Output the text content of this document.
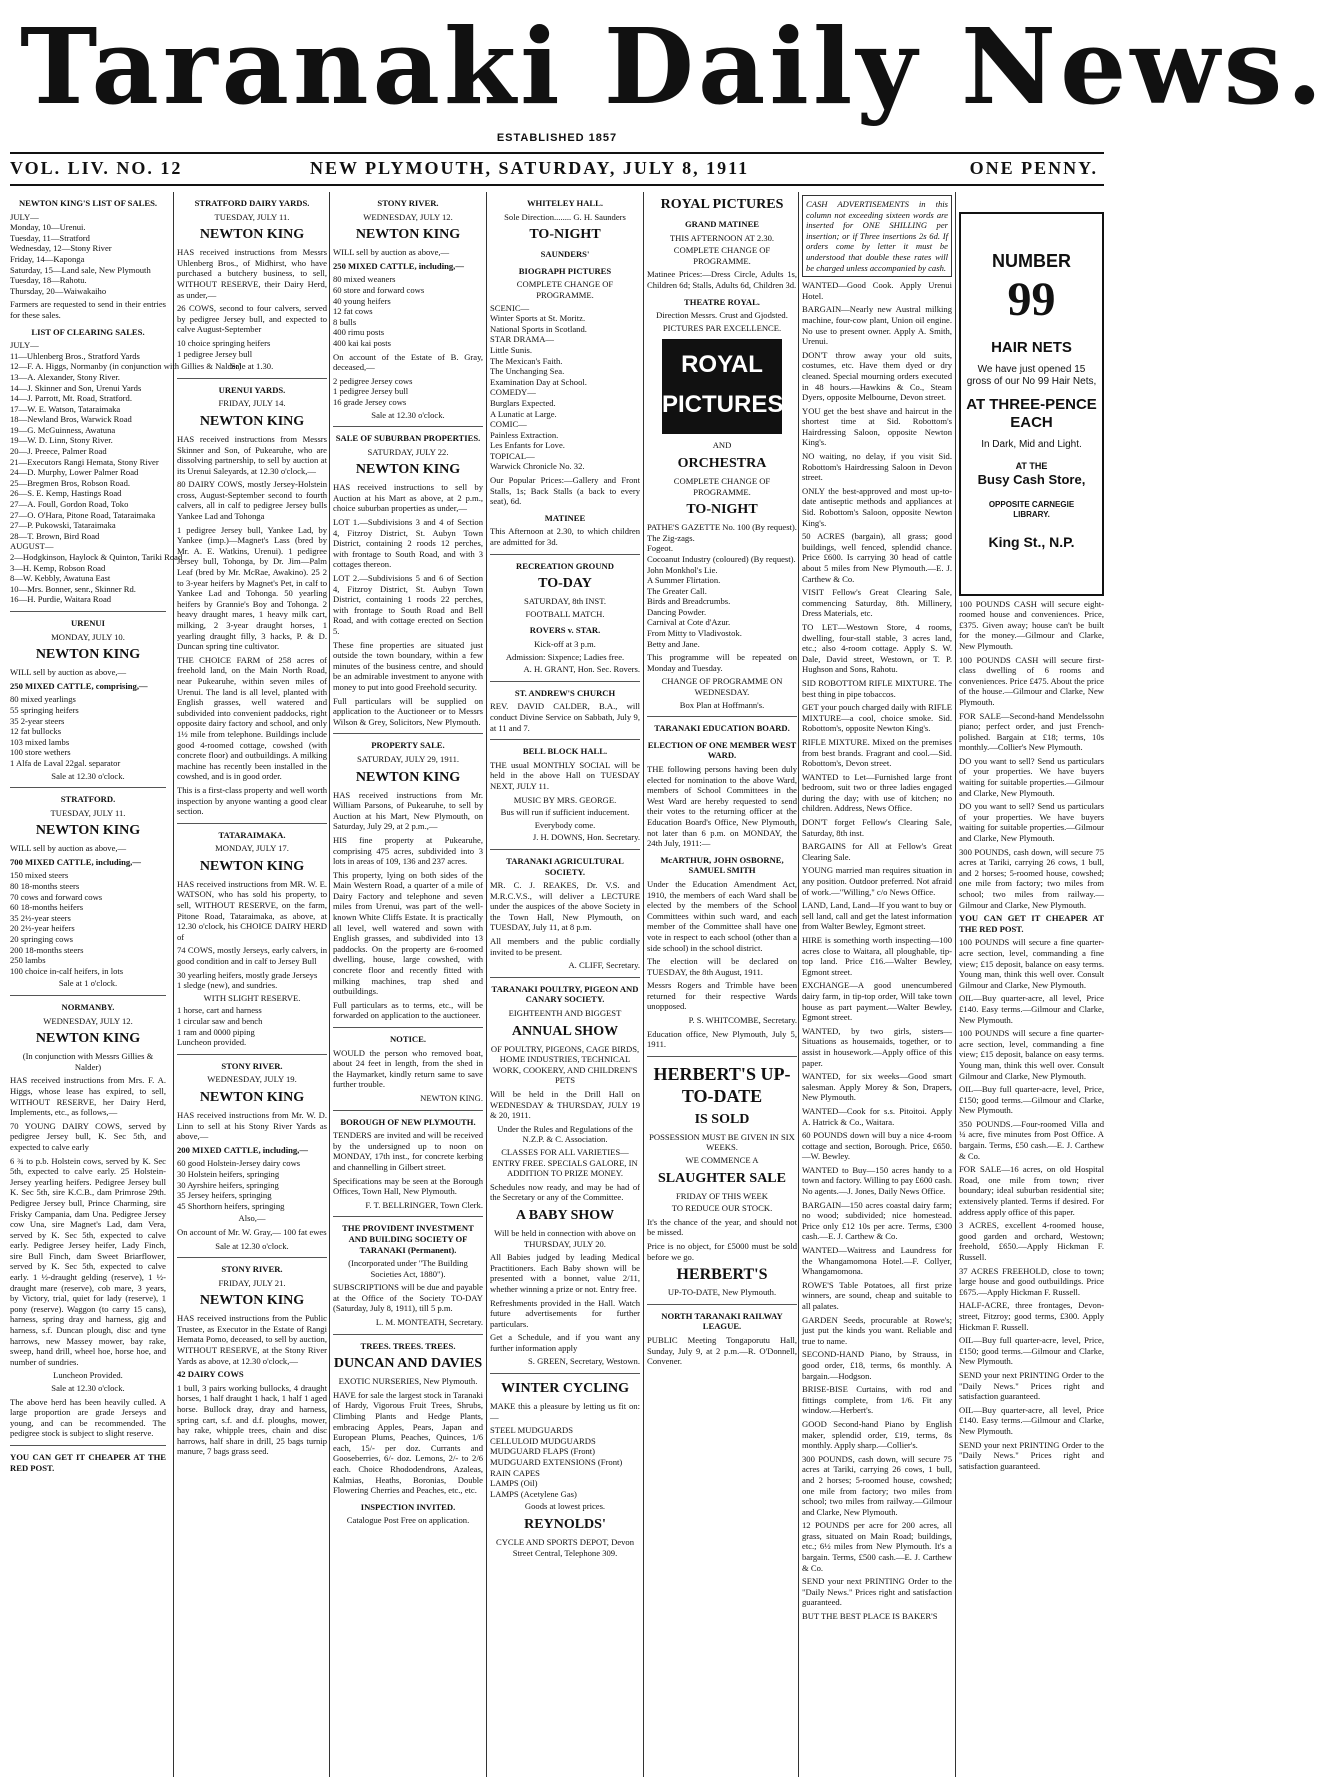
Taranaki Daily News.
ESTABLISHED 1857
VOL. LIV. NO. 12	NEW PLYMOUTH, SATURDAY, JULY 8, 1911	ONE PENNY.
NEWTON KING'S LIST OF SALES.
JULY—
Monday, 10—Urenui.
Tuesday, 11—Stratford
Wednesday, 12—Stony River
Friday, 14—Kaponga
Saturday, 15—Land sale, New Plymouth
Tuesday, 18—Rahotu.
Thursday, 20—Waiwakaiho
Farmers are requested to send in their entries for these sales.
LIST OF CLEARING SALES.
JULY—
11—Uhlenberg Bros., Stratford Yards
12—F. A. Higgs, Normanby (in conjunction with Gillies & Nalder)
13—A. Alexander, Stony River.
14—J. Skinner and Son, Urenui Yards
14—J. Parrott, Mt. Road, Stratford.
17—W. E. Watson, Tataraimaka
18—Newland Bros, Warwick Road
19—G. McGuinness, Awatuna
19—W. D. Linn, Stony River.
20—J. Preece, Palmer Road
21—Executors Rangi Hemata, Stony River
24—D. Murphy, Lower Palmer Road
25—Bregmen Bros, Robson Road.
26—S. E. Kemp, Hastings Road
27—A. Foull, Gordon Road, Toko
27—O. O'Hara, Pitone Road, Tataraimaka
27—P. Pukowski, Tataraimaka
28—T. Brown, Bird Road
AUGUST—
2—Hodgkinson, Haylock & Quinton, Tariki Road
3—H. Kemp, Robson Road
8—W. Kebbly, Awatuna East
10—Mrs. Bonner, senr., Skinner Rd.
16—H. Purdie, Waitara Road
URENUI
MONDAY, JULY 10.
NEWTON KING
WILL sell by auction as above,—
250 MIXED CATTLE, comprising,—
80 mixed yearlings
55 springing heifers
35 2-year steers
12 fat bullocks
103 mixed lambs
100 store wethers
1 Alfa de Laval 22gal. separator
Sale at 12.30 o'clock.
STRATFORD.
TUESDAY, JULY 11.
NEWTON KING
WILL sell by auction as above,—
700 MIXED CATTLE, including,—
150 mixed steers
80 18-months steers
70 cows and forward cows
60 18-months heifers
35 2½-year steers
20 2½-year heifers
20 springing cows
200 18-months steers
250 lambs
100 choice in-calf heifers, in lots
Sale at 1 o'clock.
NORMANBY.
WEDNESDAY, JULY 12.
NEWTON KING
(In conjunction with Messrs Gillies & Nalder)
HAS received instructions from Mrs. F. A. Higgs, whose lease has expired, to sell, WITHOUT RESERVE, her Dairy Herd, Implements, etc., as follows,—
70 YOUNG DAIRY COWS, served by pedigree Jersey bull, K. Sec 5th, and expected to calve early
6 ¾ to p.b. Holstein cows, served by K. Sec 5th, expected to calve early. 25 Holstein-Jersey yearling heifers. Pedigree Jersey bull K. Sec 5th, sire K.C.B., dam Primrose 29th. Pedigree Jersey bull, Prince Charming, sire Frisky Campania, dam Una. Pedigree Jersey cow Una, sire Magnet's Lad, dam Vera, served by K. Sec 5th, expected to calve early. Pedigree Jersey heifer, Lady Finch, sire Bull Finch, dam Sweet Briarflower, served by K. Sec 5th, expected to calve early. 1 ½-draught gelding (reserve), 1 ½-draught mare (reserve), cob mare, 3 years, by Victory, trial, quiet for lady (reserve), 1 pony (reserve). Waggon (to carry 15 cans), harness, spring dray and harness, gig and harness, s.f. Duncan plough, disc and tyne harrows, new Massey mower, bay rake, sweep, hand drill, wheel hoe, horse hoe, and number of sundries.
Luncheon Provided.
Sale at 12.30 o'clock.
The above herd has been heavily culled. A large proportion are grade Jerseys and young, and can be recommended. The pedigree stock is subject to slight reserve.
YOU CAN GET IT CHEAPER AT THE RED POST.
STRATFORD DAIRY YARDS.
TUESDAY, JULY 11.
NEWTON KING
HAS received instructions from Messrs Uhlenberg Bros., of Midhirst, who have purchased a butchery business, to sell, WITHOUT RESERVE, their Dairy Herd, as under,—
26 COWS, second to four calvers, served by pedigree Jersey bull, and expected to calve August-September
10 choice springing heifers
1 pedigree Jersey bull
Sale at 1.30.
URENUI YARDS.
FRIDAY, JULY 14.
NEWTON KING
HAS received instructions from Messrs Skinner and Son, of Pukearuhe, who are dissolving partnership, to sell by auction at its Urenui Saleyards, at 12.30 o'clock,—
80 DAIRY COWS, mostly Jersey-Holstein cross, August-September second to fourth calvers, all in calf to pedigree Jersey bulls Yankee Lad and Tohonga
1 pedigree Jersey bull, Yankee Lad, by Yankee (imp.)—Magnet's Lass (bred by Mr. A. E. Watkins, Urenui). 1 pedigree Jersey bull, Tohonga, by Dr. Jim—Palm Leaf (bred by Mr. McRae, Awakino). 25 2 to 3-year heifers by Magnet's Pet, in calf to Yankee Lad and Tohonga. 50 yearling heifers by Grannie's Boy and Tohonga. 2 heavy draught mares, 1 heavy milk cart, milking, 2 3-year draught horses, 1 yearling draught filly, 3 hacks, P. & D. Duncan spring tine cultivator.
THE CHOICE FARM of 258 acres of freehold land, on the Main North Road, near Pukearuhe, within seven miles of Urenui. The land is all level, planted with English grasses, well watered and subdivided into convenient paddocks, right opposite dairy factory and school, and only 1½ mile from telephone. Buildings include good 4-roomed cottage, cowshed (with concrete floor) and outbuildings. A milking machine has recently been installed in the cowshed, and is in good order.
This is a first-class property and well worth inspection by anyone wanting a good clear section.
TATARAIMAKA.
MONDAY, JULY 17.
NEWTON KING
HAS received instructions from MR. W. E. WATSON, who has sold his property, to sell, WITHOUT RESERVE, on the farm, Pitone Road, Tataraimaka, as above, at 12.30 o'clock, his CHOICE DAIRY HERD of
74 COWS, mostly Jerseys, early calvers, in good condition and in calf to Jersey Bull
30 yearling heifers, mostly grade Jerseys
1 sledge (new), and sundries.
WITH SLIGHT RESERVE.
1 horse, cart and harness
1 circular saw and bench
1 ram and 0000 piping
Luncheon provided.
STONY RIVER.
WEDNESDAY, JULY 19.
NEWTON KING
HAS received instructions from Mr. W. D. Linn to sell at his Stony River Yards as above,—
200 MIXED CATTLE, including,—
60 good Holstein-Jersey dairy cows
30 Holstein heifers, springing
30 Ayrshire heifers, springing
35 Jersey heifers, springing
45 Shorthorn heifers, springing
Also,—
On account of Mr. W. Gray,— 100 fat ewes
Sale at 12.30 o'clock.
STONY RIVER.
FRIDAY, JULY 21.
NEWTON KING
HAS received instructions from the Public Trustee, as Executor in the Estate of Rangi Hemata Pomo, deceased, to sell by auction, WITHOUT RESERVE, at the Stony River Yards as above, at 12.30 o'clock,—
42 DAIRY COWS
1 bull, 3 pairs working bullocks, 4 draught horses, 1 half draught 1 hack, 1 half 1 aged horse. Bullock dray, dray and harness, spring cart, s.f. and d.f. ploughs, mower, hay rake, whipple trees, chain and disc harrows, half share in drill, 25 bags turnip manure, 7 bags grass seed.
STONY RIVER.
WEDNESDAY, JULY 12.
NEWTON KING
WILL sell by auction as above,—
250 MIXED CATTLE, including,—
80 mixed weaners
60 store and forward cows
40 young heifers
12 fat cows
8 bulls
400 rimu posts
400 kai kai posts
On account of the Estate of B. Gray, deceased,—
2 pedigree Jersey cows
1 pedigree Jersey bull
16 grade Jersey cows
Sale at 12.30 o'clock.
SALE OF SUBURBAN PROPERTIES.
SATURDAY, JULY 22.
NEWTON KING
HAS received instructions to sell by Auction at his Mart as above, at 2 p.m., choice suburban properties as under,—
LOT 1.—Subdivisions 3 and 4 of Section 4, Fitzroy District, St. Aubyn Town District, containing 2 roods 12 perches, with frontage to South Road, and with 3 cottages thereon.
LOT 2.—Subdivisions 5 and 6 of Section 4, Fitzroy District, St. Aubyn Town District, containing 1 roods 22 perches, with frontage to South Road and Bell Road, and with cottage erected on Section 5.
These fine properties are situated just outside the town boundary, within a few minutes of the business centre, and should be an admirable investment to anyone with money to put into good Freehold security.
Full particulars will be supplied on application to the Auctioneer or to Messrs Wilson & Grey, Solicitors, New Plymouth.
PROPERTY SALE.
SATURDAY, JULY 29, 1911.
NEWTON KING
HAS received instructions from Mr. William Parsons, of Pukearuhe, to sell by Auction at his Mart, New Plymouth, on Saturday, July 29, at 2 p.m.,—
HIS fine property at Pukearuhe, comprising 475 acres, subdivided into 3 lots in areas of 109, 136 and 237 acres.
This property, lying on both sides of the Main Western Road, a quarter of a mile of Dairy Factory and telephone and seven miles from Urenui, was part of the well-known White Cliffs Estate. It is practically all level, well watered and sown with English grasses, and subdivided into 13 paddocks. On the property are 6-roomed dwelling, house, large cowshed, with concrete floor and recently fitted with milking machines, trap shed and outbuildings.
Full particulars as to terms, etc., will be forwarded on application to the auctioneer.
NOTICE.
WOULD the person who removed boat, about 24 feet in length, from the shed in the Haymarket, kindly return same to save further trouble.
NEWTON KING.
BOROUGH OF NEW PLYMOUTH.
TENDERS are invited and will be received by the undersigned up to noon on MONDAY, 17th inst., for concrete kerbing and channelling in Gilbert street.
Specifications may be seen at the Borough Offices, Town Hall, New Plymouth.
F. T. BELLRINGER, Town Clerk.
THE PROVIDENT INVESTMENT AND BUILDING SOCIETY OF TARANAKI (Permanent).
(Incorporated under "The Building Societies Act, 1880").
SUBSCRIPTIONS will be due and payable at the Office of the Society TO-DAY (Saturday, July 8, 1911), till 5 p.m.
L. M. MONTEATH, Secretary.
TREES. TREES. TREES.
DUNCAN AND DAVIES
EXOTIC NURSERIES, New Plymouth.
HAVE for sale the largest stock in Taranaki of Hardy, Vigorous Fruit Trees, Shrubs, Climbing Plants and Hedge Plants, embracing Apples, Pears, Japan and European Plums, Peaches, Quinces, 1/6 each, 15/- per doz. Currants and Gooseberries, 6/- doz. Lemons, 2/- to 2/6 each. Choice Rhododendrons, Azaleas, Kalmias, Heaths, Boronias, Double Flowering Cherries and Peaches, etc., etc.
INSPECTION INVITED.
Catalogue Post Free on application.
WHITELEY HALL.
Sole Direction........ G. H. Saunders
TO-NIGHT
SAUNDERS'
BIOGRAPH PICTURES
COMPLETE CHANGE OF PROGRAMME.
SCENIC—
Winter Sports at St. Moritz.
National Sports in Scotland.
STAR DRAMA—
Little Sunis.
The Mexican's Faith.
The Unchanging Sea.
Examination Day at School.
COMEDY—
Burglars Expected.
A Lunatic at Large.
COMIC—
Painless Extraction.
Les Enfants for Love.
TOPICAL—
Warwick Chronicle No. 32.
Our Popular Prices:—Gallery and Front Stalls, 1s; Back Stalls (a back to every seat), 6d.
MATINEE
This Afternoon at 2.30, to which children are admitted for 3d.
RECREATION GROUND
TO-DAY
SATURDAY, 8th INST.
FOOTBALL MATCH.
ROVERS v. STAR.
Kick-off at 3 p.m.
Admission: Sixpence; Ladies free.
A. H. GRANT, Hon. Sec. Rovers.
ST. ANDREW'S CHURCH
REV. DAVID CALDER, B.A., will conduct Divine Service on Sabbath, July 9, at 11 and 7.
BELL BLOCK HALL.
THE usual MONTHLY SOCIAL will be held in the above Hall on TUESDAY NEXT, JULY 11.
MUSIC BY MRS. GEORGE.
Bus will run if sufficient inducement.
Everybody come.
J. H. DOWNS, Hon. Secretary.
TARANAKI AGRICULTURAL SOCIETY.
MR. C. J. REAKES, Dr. V.S. and M.R.C.V.S., will deliver a LECTURE under the auspices of the above Society in the Town Hall, New Plymouth, on TUESDAY, July 11, at 8 p.m.
All members and the public cordially invited to be present.
A. CLIFF, Secretary.
TARANAKI POULTRY, PIGEON AND CANARY SOCIETY.
EIGHTEENTH AND BIGGEST
ANNUAL SHOW
OF POULTRY, PIGEONS, CAGE BIRDS, HOME INDUSTRIES, TECHNICAL WORK, COOKERY, AND CHILDREN'S PETS
Will be held in the Drill Hall on WEDNESDAY & THURSDAY, JULY 19 & 20, 1911.
Under the Rules and Regulations of the N.Z.P. & C. Association.
CLASSES FOR ALL VARIETIES—ENTRY FREE. SPECIALS GALORE, IN ADDITION TO PRIZE MONEY.
Schedules now ready, and may be had of the Secretary or any of the Committee.
A BABY SHOW
Will be held in connection with above on THURSDAY, JULY 20.
All Babies judged by leading Medical Practitioners. Each Baby shown will be presented with a bonnet, value 2/11, whether winning a prize or not. Entry free.
Refreshments provided in the Hall. Watch future advertisements for further particulars.
Get a Schedule, and if you want any further information apply
S. GREEN, Secretary, Westown.
WINTER CYCLING
MAKE this a pleasure by letting us fit on:—
STEEL MUDGUARDS
CELLULOID MUDGUARDS
MUDGUARD FLAPS (Front)
MUDGUARD EXTENSIONS (Front)
RAIN CAPES
LAMPS (Oil)
LAMPS (Acetylene Gas)
Goods at lowest prices.
REYNOLDS'
CYCLE AND SPORTS DEPOT, Devon Street Central, Telephone 309.
ROYAL PICTURES
GRAND MATINEE
THIS AFTERNOON AT 2.30.
COMPLETE CHANGE OF PROGRAMME.
Matinee Prices:—Dress Circle, Adults 1s, Children 6d; Stalls, Adults 6d, Children 3d.
THEATRE ROYAL.
Direction Messrs. Crust and Gjodsted.
PICTURES PAR EXCELLENCE.
ROYAL PICTURES
AND
ORCHESTRA
COMPLETE CHANGE OF PROGRAMME.
TO-NIGHT
PATHE'S GAZETTE No. 100 (By request).
The Zig-zags.
Fogeot.
Cocoanut Industry (coloured) (By request).
John Monkhol's Lie.
A Summer Flirtation.
The Greater Call.
Birds and Breadcrumbs.
Dancing Powder.
Carnival at Cote d'Azur.
From Mitty to Vladivostok.
Betty and Jane.
This programme will be repeated on Monday and Tuesday.
CHANGE OF PROGRAMME ON WEDNESDAY.
Box Plan at Hoffmann's.
TARANAKI EDUCATION BOARD.
ELECTION OF ONE MEMBER WEST WARD.
THE following persons having been duly elected for nomination to the above Ward, members of School Committees in the West Ward are hereby requested to send their votes to the returning officer at the Education Board's Office, New Plymouth, not later than 6 p.m. on MONDAY, the 24th July, 1911:—
McARTHUR, JOHN OSBORNE, SAMUEL SMITH
Under the Education Amendment Act, 1910, the members of each Ward shall be elected by the members of the School Committees within such ward, and each member of the Committee shall have one vote in respect to each school (other than a side school) in the school district.
The election will be declared on TUESDAY, the 8th August, 1911.
Messrs Rogers and Trimble have been returned for their respective Wards unopposed.
P. S. WHITCOMBE, Secretary.
Education office, New Plymouth, July 5, 1911.
HERBERT'S UP-TO-DATE
IS SOLD
POSSESSION MUST BE GIVEN IN SIX WEEKS.
WE COMMENCE A
SLAUGHTER SALE
FRIDAY OF THIS WEEK
TO REDUCE OUR STOCK.
It's the chance of the year, and should not be missed.
Price is no object, for £5000 must be sold before we go.
HERBERT'S
UP-TO-DATE, New Plymouth.
NORTH TARANAKI RAILWAY LEAGUE.
PUBLIC Meeting Tongaporutu Hall, Sunday, July 9, at 2 p.m.—R. O'Donnell, Convener.
CASH ADVERTISEMENTS in this column not exceeding sixteen words are inserted for ONE SHILLING per insertion; or if Three insertions 2s 6d. If orders come by letter it must be understood that double these rates will be charged unless accompanied by cash.
WANTED—Good Cook. Apply Urenui Hotel.
BARGAIN—Nearly new Austral milking machine, four-cow plant, Union oil engine. No use to present owner. Apply A. Smith, Urenui.
DON'T throw away your old suits, costumes, etc. Have them dyed or dry cleaned. Special mourning orders executed in 48 hours.—Hawkins & Co., Steam Dyers, opposite Melbourne, Devon street.
YOU get the best shave and haircut in the shortest time at Sid. Robottom's Hairdressing Saloon, opposite Newton King's.
NO waiting, no delay, if you visit Sid. Robottom's Hairdressing Saloon in Devon street.
ONLY the best-approved and most up-to-date antiseptic methods and appliances at Sid. Robottom's Saloon, opposite Newton King's.
50 ACRES (bargain), all grass; good buildings, well fenced, splendid chance. Price £600. Is carrying 30 head of cattle about 5 miles from New Plymouth.—E. J. Carthew & Co.
VISIT Fellow's Great Clearing Sale, commencing Saturday, 8th. Millinery, Dress Materials, etc.
TO LET—Westown Store, 4 rooms, dwelling, four-stall stable, 3 acres land, etc.; also 4-room cottage. Apply S. W. Dale, David street, Westown, or T. P. Hughson and Sons, Rahotu.
SID ROBOTTOM RIFLE MIXTURE. The best thing in pipe tobaccos.
GET your pouch charged daily with RIFLE MIXTURE—a cool, choice smoke. Sid. Robottom's, opposite Newton King's.
RIFLE MIXTURE. Mixed on the premises from best brands. Fragrant and cool.—Sid. Robottom's, Devon street.
WANTED to Let—Furnished large front bedroom, suit two or three ladies engaged during the day; with use of kitchen; no children. Address, News Office.
DON'T forget Fellow's Clearing Sale, Saturday, 8th inst.
BARGAINS for All at Fellow's Great Clearing Sale.
YOUNG married man requires situation in any position. Outdoor preferred. Not afraid of work.—"Willing," c/o News Office.
LAND, Land, Land—If you want to buy or sell land, call and get the latest information from Walter Bewley, Egmont street.
HIRE is something worth inspecting—100 acres close to Waitara, all ploughable, tip-top land. Price £16.—Walter Bewley, Egmont street.
EXCHANGE—A good unencumbered dairy farm, in tip-top order, Will take town house as part payment.—Walter Bewley, Egmont street.
WANTED, by two girls, sisters—Situations as housemaids, together, or to assist in housework.—Apply office of this paper.
WANTED, for six weeks—Good smart salesman. Apply Morey & Son, Drapers, New Plymouth.
WANTED—Cook for s.s. Pitoitoi. Apply A. Hatrick & Co., Waitara.
60 POUNDS down will buy a nice 4-room cottage and section, Borough. Price, £650.—W. Bewley.
WANTED to Buy—150 acres handy to a town and factory. Willing to pay £600 cash. No agents.—J. Jones, Daily News Office.
BARGAIN—150 acres coastal dairy farm; no wood; subdivided; nice homestead. Price only £12 10s per acre. Terms, £300 cash.—E. J. Carthew & Co.
WANTED—Waitress and Laundress for the Whangamomona Hotel.—F. Collyer, Whangamomona.
ROWE'S Table Potatoes, all first prize winners, are sound, cheap and suitable to all palates.
GARDEN Seeds, procurable at Rowe's; just put the kinds you want. Reliable and true to name.
SECOND-HAND Piano, by Strauss, in good order, £18, terms, 6s monthly. A bargain.—Hodgson.
BRISE-BISE Curtains, with rod and fittings complete, from 1/6. Fit any window.—Herbert's.
GOOD Second-hand Piano by English maker, splendid order, £19, terms, 8s monthly. Apply sharp.—Collier's.
300 POUNDS, cash down, will secure 75 acres at Tariki, carrying 26 cows, 1 bull, and 2 horses; 5-roomed house, cowshed; one mile from factory; two miles from school; two miles from railway.—Gilmour and Clarke, New Plymouth.
12 POUNDS per acre for 200 acres, all grass, situated on Main Road; buildings, etc.; 6½ miles from New Plymouth. It's a bargain. Terms, £500 cash.—E. J. Carthew & Co.
SEND your next PRINTING Order to the "Daily News." Prices right and satisfaction guaranteed.
BUT THE BEST PLACE IS BAKER'S
NUMBER
99
HAIR NETS
We have just opened 15 gross of our No 99 Hair Nets,
AT THREE-PENCE EACH
In Dark, Mid and Light.
AT THE
Busy Cash Store,
OPPOSITE CARNEGIE LIBRARY.
King St., N.P.
100 POUNDS CASH will secure eight-roomed house and conveniences. Price, £375. Given away; house can't be built for the money.—Gilmour and Clarke, New Plymouth.
100 POUNDS CASH will secure first-class dwelling of 6 rooms and conveniences. Price £475. About the price of the house.—Gilmour and Clarke, New Plymouth.
FOR SALE—Second-hand Mendelssohn piano; perfect order, and just French-polished. Bargain at £18; terms, 10s monthly.—Collier's New Plymouth.
DO you want to sell? Send us particulars of your properties. We have buyers waiting for suitable properties.—Gilmour and Clarke, New Plymouth.
DO you want to sell? Send us particulars of your properties. We have buyers waiting for suitable properties.—Gilmour and Clarke, New Plymouth.
300 POUNDS, cash down, will secure 75 acres at Tariki, carrying 26 cows, 1 bull, and 2 horses; 5-roomed house, cowshed; one mile from factory; two miles from school; two miles from railway.—Gilmour and Clarke, New Plymouth.
YOU CAN GET IT CHEAPER AT THE RED POST.
100 POUNDS will secure a fine quarter-acre section, level, commanding a fine view; £15 deposit, balance on easy terms. Young man, think this well over. Consult Gilmour and Clarke, New Plymouth.
OIL—Buy quarter-acre, all level, Price £140. Easy terms.—Gilmour and Clarke, New Plymouth.
100 POUNDS will secure a fine quarter-acre section, level, commanding a fine view; £15 deposit, balance on easy terms. Young man, think this well over. Consult Gilmour and Clarke, New Plymouth.
OIL—Buy full quarter-acre, level, Price, £150; good terms.—Gilmour and Clarke, New Plymouth.
350 POUNDS.—Four-roomed Villa and ¼ acre, five minutes from Post Office. A bargain. Terms, £50 cash.—E. J. Carthew & Co.
FOR SALE—16 acres, on old Hospital Road, one mile from town; river boundary; ideal suburban residential site; extensively planted. Terms if desired. For address apply office of this paper.
3 ACRES, excellent 4-roomed house, good garden and orchard, Westown; freehold, £650.—Apply Hickman F. Russell.
37 ACRES FREEHOLD, close to town; large house and good outbuildings. Price £675.—Apply Hickman F. Russell.
HALF-ACRE, three frontages, Devon-street, Fitzroy; good terms, £300. Apply Hickman F. Russell.
OIL—Buy full quarter-acre, level, Price, £150; good terms.—Gilmour and Clarke, New Plymouth.
SEND your next PRINTING Order to the "Daily News." Prices right and satisfaction guaranteed.
OIL—Buy quarter-acre, all level, Price £140. Easy terms.—Gilmour and Clarke, New Plymouth.
SEND your next PRINTING Order to the "Daily News." Prices right and satisfaction guaranteed.
